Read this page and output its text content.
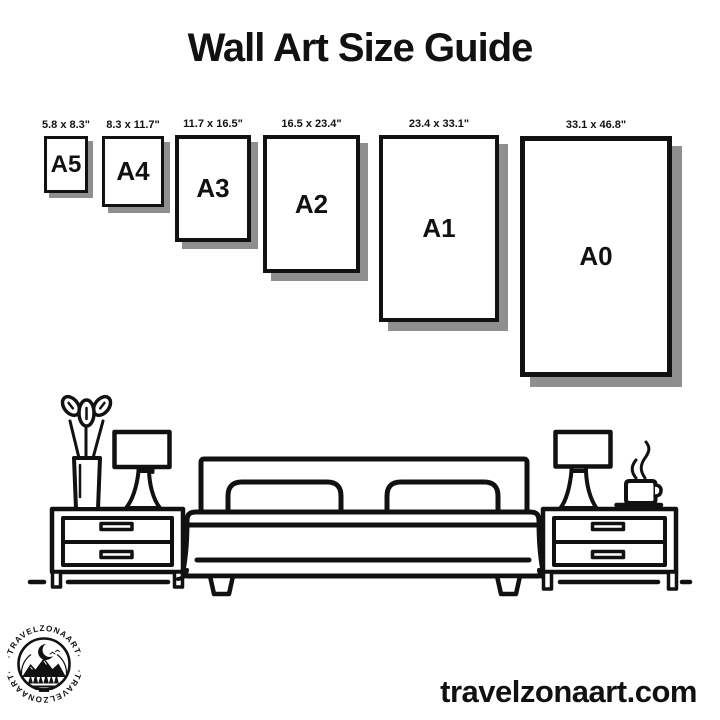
Wall Art Size Guide
5.8 x 8.3"
A5
8.3 x 11.7"
A4
11.7 x 16.5"
A3
16.5 x 23.4"
A2
23.4 x 33.1"
A1
33.1 x 46.8"
A0
·TRAVELZONAART·
·TRAVELZONAART·
travelzonaart.com
